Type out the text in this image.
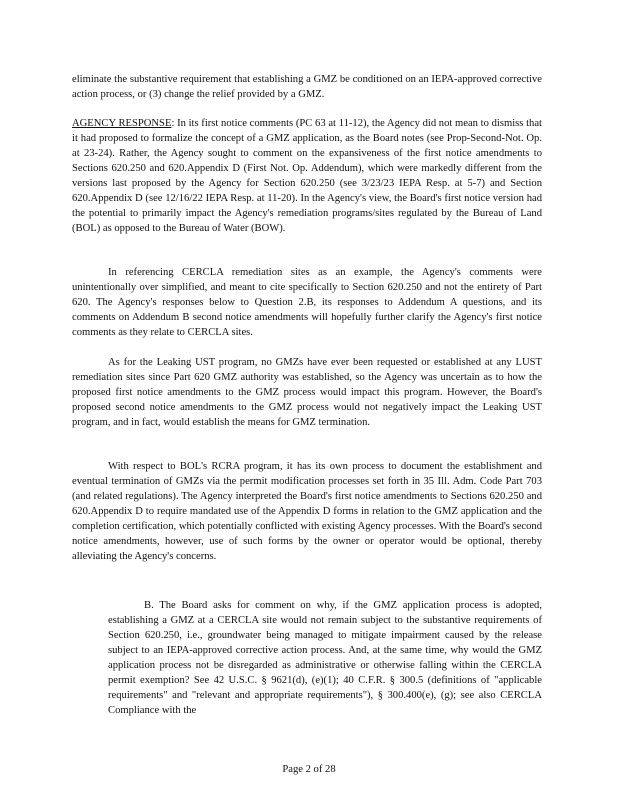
eliminate the substantive requirement that establishing a GMZ be conditioned on an IEPA-approved corrective action process, or (3) change the relief provided by a GMZ.

AGENCY RESPONSE: In its first notice comments (PC 63 at 11-12), the Agency did not mean to dismiss that it had proposed to formalize the concept of a GMZ application, as the Board notes (see Prop-Second-Not. Op. at 23-24). Rather, the Agency sought to comment on the expansiveness of the first notice amendments to Sections 620.250 and 620.Appendix D (First Not. Op. Addendum), which were markedly different from the versions last proposed by the Agency for Section 620.250 (see 3/23/23 IEPA Resp. at 5-7) and Section 620.Appendix D (see 12/16/22 IEPA Resp. at 11-20). In the Agency's view, the Board's first notice version had the potential to primarily impact the Agency's remediation programs/sites regulated by the Bureau of Land (BOL) as opposed to the Bureau of Water (BOW).

In referencing CERCLA remediation sites as an example, the Agency's comments were unintentionally over simplified, and meant to cite specifically to Section 620.250 and not the entirety of Part 620. The Agency's responses below to Question 2.B, its responses to Addendum A questions, and its comments on Addendum B second notice amendments will hopefully further clarify the Agency's first notice comments as they relate to CERCLA sites.

As for the Leaking UST program, no GMZs have ever been requested or established at any LUST remediation sites since Part 620 GMZ authority was established, so the Agency was uncertain as to how the proposed first notice amendments to the GMZ process would impact this program. However, the Board's proposed second notice amendments to the GMZ process would not negatively impact the Leaking UST program, and in fact, would establish the means for GMZ termination.

With respect to BOL's RCRA program, it has its own process to document the establishment and eventual termination of GMZs via the permit modification processes set forth in 35 Ill. Adm. Code Part 703 (and related regulations). The Agency interpreted the Board's first notice amendments to Sections 620.250 and 620.Appendix D to require mandated use of the Appendix D forms in relation to the GMZ application and the completion certification, which potentially conflicted with existing Agency processes. With the Board's second notice amendments, however, use of such forms by the owner or operator would be optional, thereby alleviating the Agency's concerns.

B. The Board asks for comment on why, if the GMZ application process is adopted, establishing a GMZ at a CERCLA site would not remain subject to the substantive requirements of Section 620.250, i.e., groundwater being managed to mitigate impairment caused by the release subject to an IEPA-approved corrective action process. And, at the same time, why would the GMZ application process not be disregarded as administrative or otherwise falling within the CERCLA permit exemption? See 42 U.S.C. § 9621(d), (e)(1); 40 C.F.R. § 300.5 (definitions of "applicable requirements" and "relevant and appropriate requirements"), § 300.400(e), (g); see also CERCLA Compliance with the

Page 2 of 28
